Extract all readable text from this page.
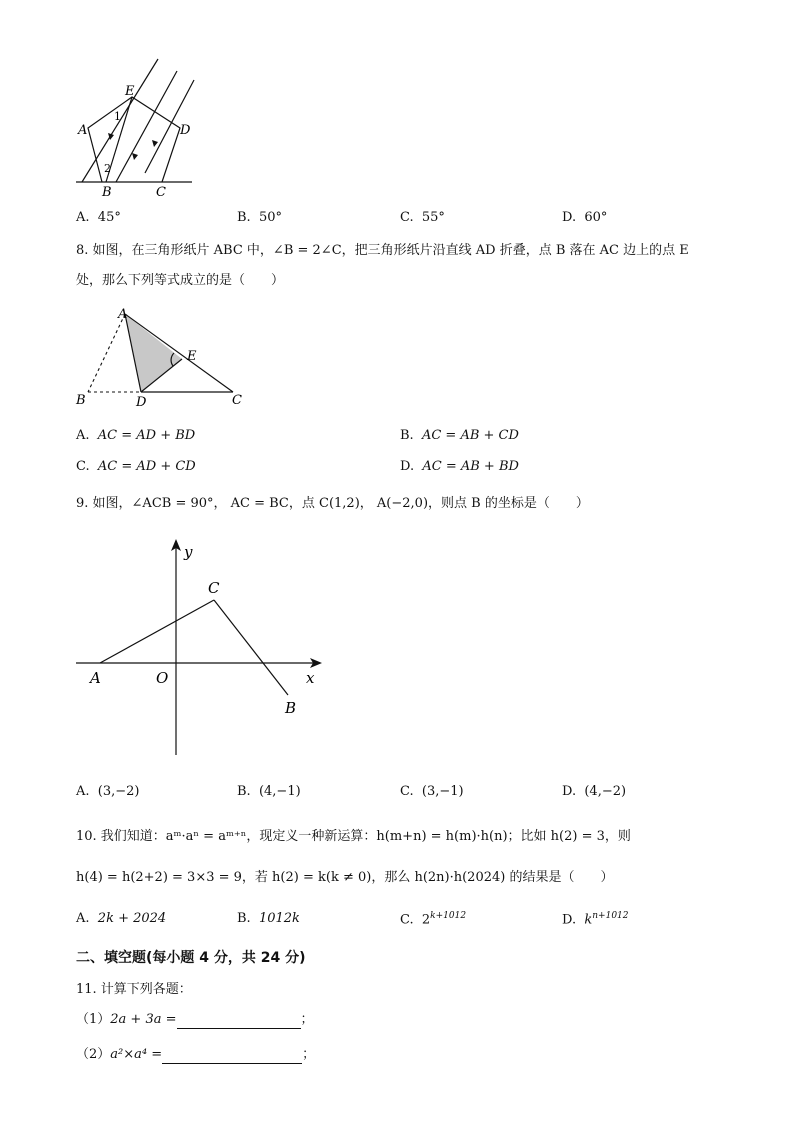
E
A	D
B	C
1
2
A. 45°	B. 50°	C. 55°	D. 60°
8. 如图，在三角形纸片 ABC 中，∠B = 2∠C，把三角形纸片沿直线 AD 折叠，点 B 落在 AC 边上的点 E
处，那么下列等式成立的是（　　）
A
B	D	C
E
A. AC = AD + BD	B. AC = AB + CD
C. AC = AD + CD	D. AC = AB + BD
9. 如图，∠ACB = 90°， AC = BC，点 C(1,2)， A(−2,0)，则点 B 的坐标是（　　）
y
x
O
A
C
B
A. (3,−2)	B. (4,−1)	C. (3,−1)	D. (4,−2)
10. 我们知道：aᵐ·aⁿ = aᵐ⁺ⁿ，现定义一种新运算：h(m+n) = h(m)·h(n)；比如 h(2) = 3，则
h(4) = h(2+2) = 3×3 = 9，若 h(2) = k(k ≠ 0)，那么 h(2n)·h(2024) 的结果是（　　）
A. 2k + 2024	B. 1012k	C. $2^{k+1012}$	D. $k^{n+1012}$
二、填空题(每小题 4 分，共 24 分)
11. 计算下列各题：
（1）2a + 3a =	；
（2）a²×a⁴ =	；
